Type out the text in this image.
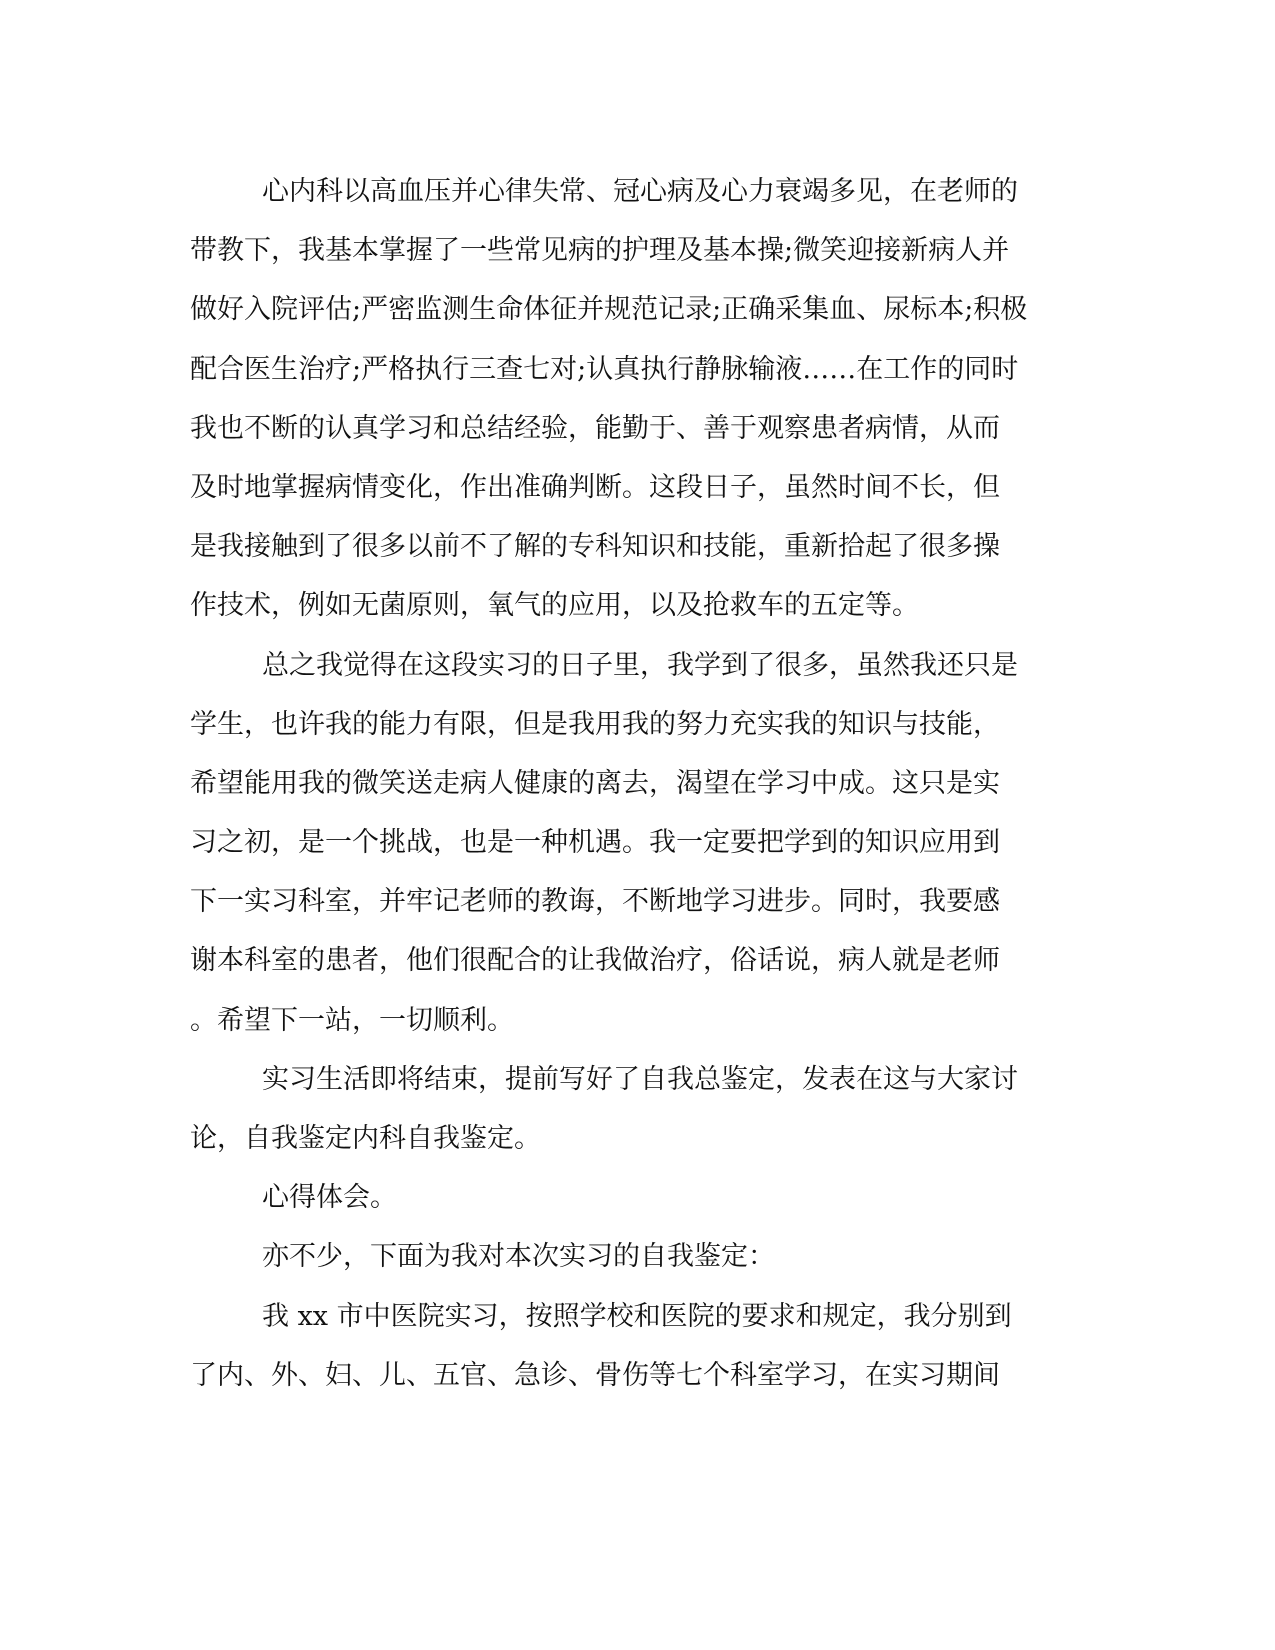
心内科以高血压并心律失常、冠心病及心力衰竭多见，在老师的
带教下，我基本掌握了一些常见病的护理及基本操;微笑迎接新病人并
做好入院评估;严密监测生命体征并规范记录;正确采集血、尿标本;积极
配合医生治疗;严格执行三查七对;认真执行静脉输液……在工作的同时
我也不断的认真学习和总结经验，能勤于、善于观察患者病情，从而
及时地掌握病情变化，作出准确判断。这段日子，虽然时间不长，但
是我接触到了很多以前不了解的专科知识和技能，重新拾起了很多操
作技术，例如无菌原则，氧气的应用，以及抢救车的五定等。
总之我觉得在这段实习的日子里，我学到了很多，虽然我还只是
学生，也许我的能力有限，但是我用我的努力充实我的知识与技能，
希望能用我的微笑送走病人健康的离去，渴望在学习中成。这只是实
习之初，是一个挑战，也是一种机遇。我一定要把学到的知识应用到
下一实习科室，并牢记老师的教诲，不断地学习进步。同时，我要感
谢本科室的患者，他们很配合的让我做治疗，俗话说，病人就是老师
。希望下一站，一切顺利。
实习生活即将结束，提前写好了自我总鉴定，发表在这与大家讨
论，自我鉴定内科自我鉴定。
心得体会。
亦不少，下面为我对本次实习的自我鉴定：
我 xx 市中医院实习，按照学校和医院的要求和规定，我分别到
了内、外、妇、儿、五官、急诊、骨伤等七个科室学习，在实习期间
